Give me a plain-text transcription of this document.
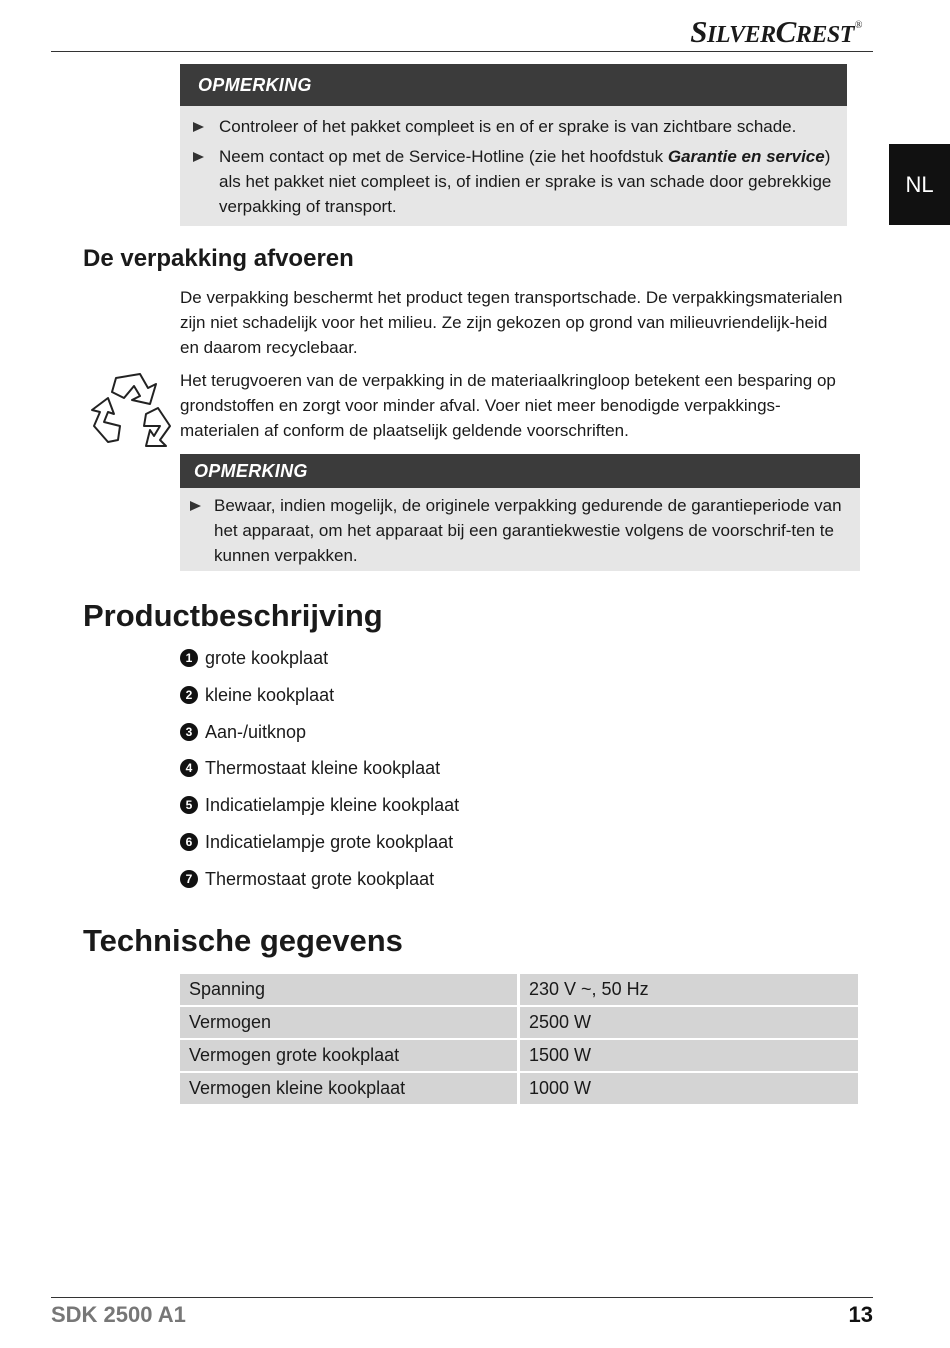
SILVERCREST®
NL
OPMERKING
Controleer of het pakket compleet is en of er sprake is van zichtbare schade.
Neem contact op met de Service-Hotline (zie het hoofdstuk Garantie en service) als het pakket niet compleet is, of indien er sprake is van schade door gebrekkige verpakking of transport.
De verpakking afvoeren
De verpakking beschermt het product tegen transportschade. De verpakkingsmaterialen zijn niet schadelijk voor het milieu. Ze zijn gekozen op grond van milieuvriendelijk-heid en daarom recyclebaar.
Het terugvoeren van de verpakking in de materiaalkringloop betekent een besparing op grondstoffen en zorgt voor minder afval. Voer niet meer benodigde verpakkings-materialen af conform de plaatselijk geldende voorschriften.
OPMERKING
Bewaar, indien mogelijk, de originele verpakking gedurende de garantieperiode van het apparaat, om het apparaat bij een garantiekwestie volgens de voorschrif-ten te kunnen verpakken.
Productbeschrijving
1 grote kookplaat
2 kleine kookplaat
3 Aan-/uitknop
4 Thermostaat kleine kookplaat
5 Indicatielampje kleine kookplaat
6 Indicatielampje grote kookplaat
7 Thermostaat grote kookplaat
Technische gegevens
Spanning	230 V ~, 50 Hz
Vermogen	2500 W
Vermogen grote kookplaat	1500 W
Vermogen kleine kookplaat	1000 W
SDK 2500 A1	13
